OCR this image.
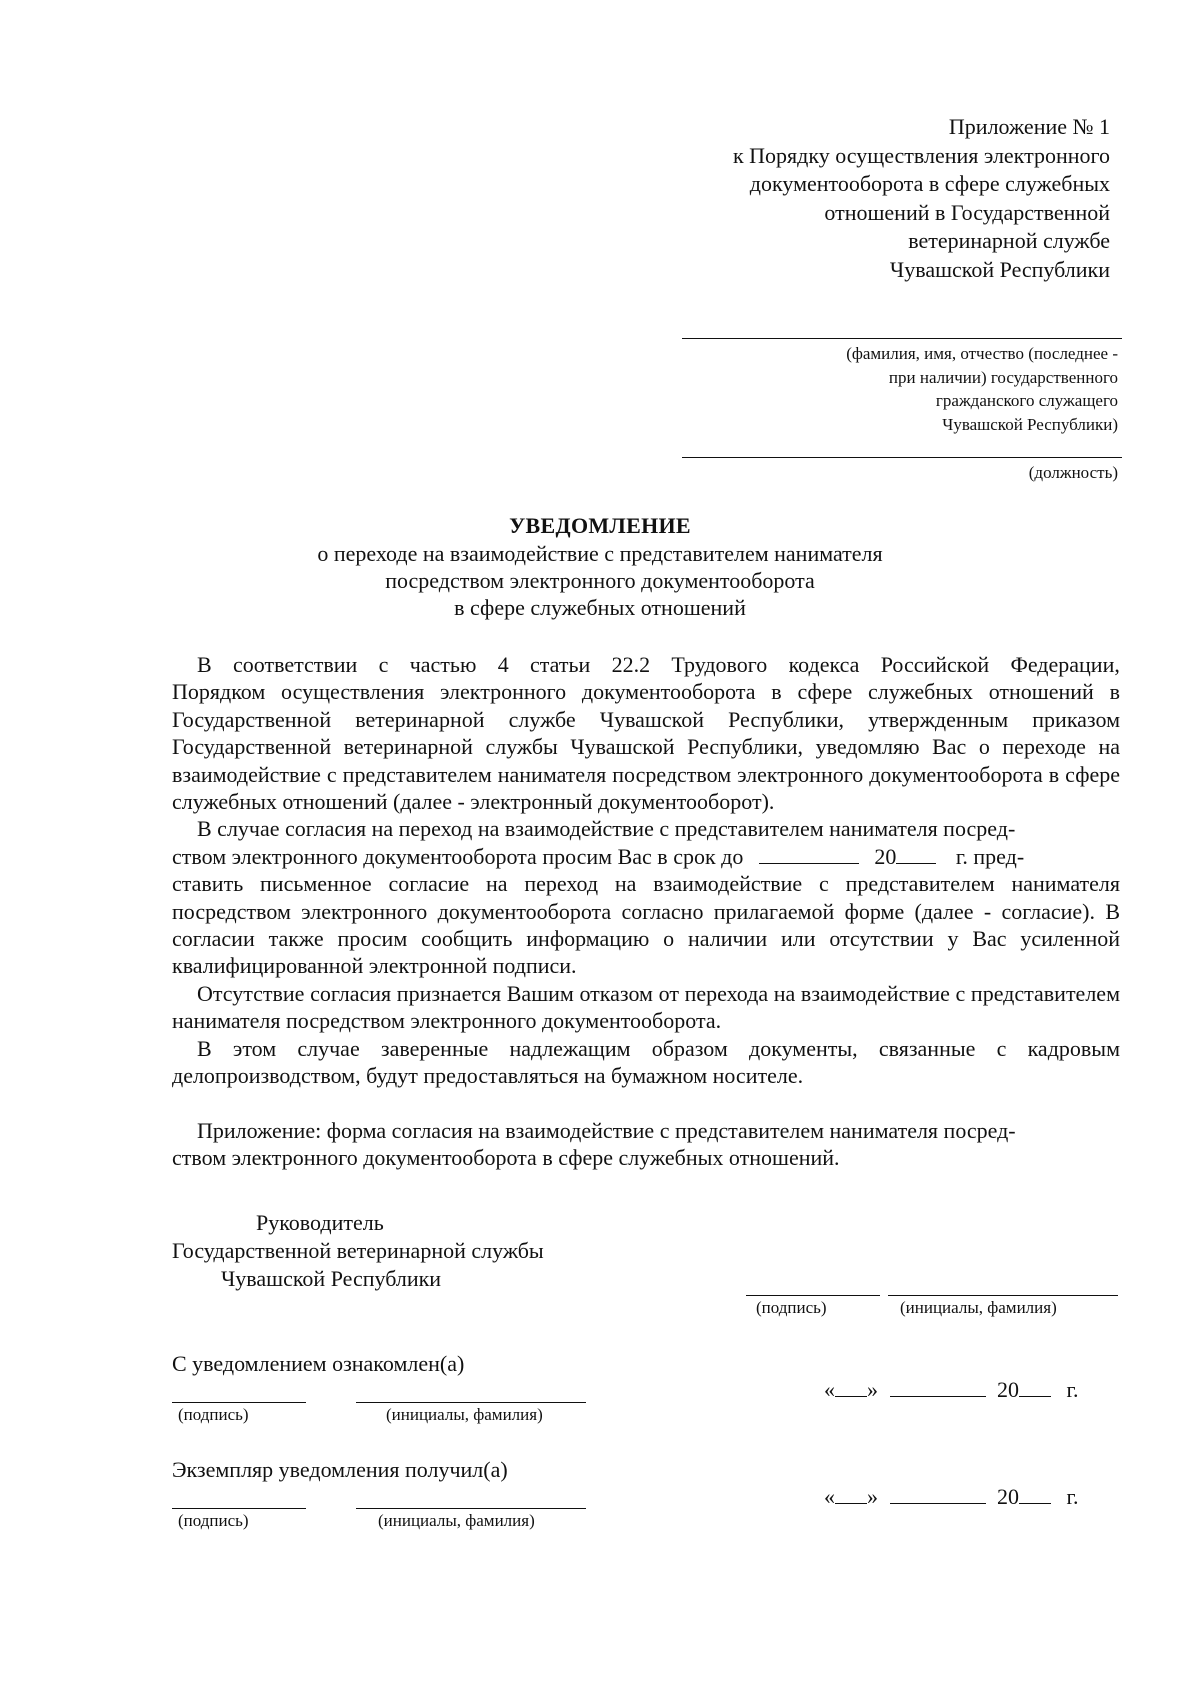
Приложение № 1
к Порядку осуществления электронного
документооборота в сфере служебных
отношений в Государственной
ветеринарной службе
Чувашской Республики
(фамилия, имя, отчество (последнее -
при наличии) государственного
гражданского служащего
Чувашской Республики)
(должность)
УВЕДОМЛЕНИЕ
о переходе на взаимодействие с представителем нанимателя
посредством электронного документооборота
в сфере служебных отношений

В соответствии с частью 4 статьи 22.2 Трудового кодекса Российской Федерации,

Порядком осуществления электронного документооборота в сфере служебных отношений в Государственной ветеринарной службе Чувашской Республики, утвержденным приказом Государственной ветеринарной службы Чувашской Республики, уведомляю Вас о переходе на взаимодействие с представителем нанимателя посредством электронного документооборота в сфере служебных отношений (далее - электронный документооборот).

В случае согласия на переход на взаимодействие с представителем нанимателя посред-

ством электронного документооборота просим Вас в срок до	20	г. пред-

ставить письменное согласие на переход на взаимодействие с представителем нанимателя посредством электронного документооборота согласно прилагаемой форме (далее - согласие). В согласии также просим сообщить информацию о наличии или отсутствии у Вас усиленной квалифицированной электронной подписи.

Отсутствие согласия признается Вашим отказом от перехода на взаимодействие с представителем нанимателя посредством электронного документооборота.

В этом случае заверенные надлежащим образом документы, связанные с кадровым делопроизводством, будут предоставляться на бумажном носителе.

Приложение: форма согласия на взаимодействие с представителем нанимателя посред-

ством электронного документооборота в сфере служебных отношений.

Руководитель
Государственной ветеринарной службы
Чувашской Республики
(подпись)	(инициалы, фамилия)
С уведомлением ознакомлен(а)
(подпись)	(инициалы, фамилия)
« »	20 г.
Экземпляр уведомления получил(а)
(подпись)	(инициалы, фамилия)
« »	20 г.
